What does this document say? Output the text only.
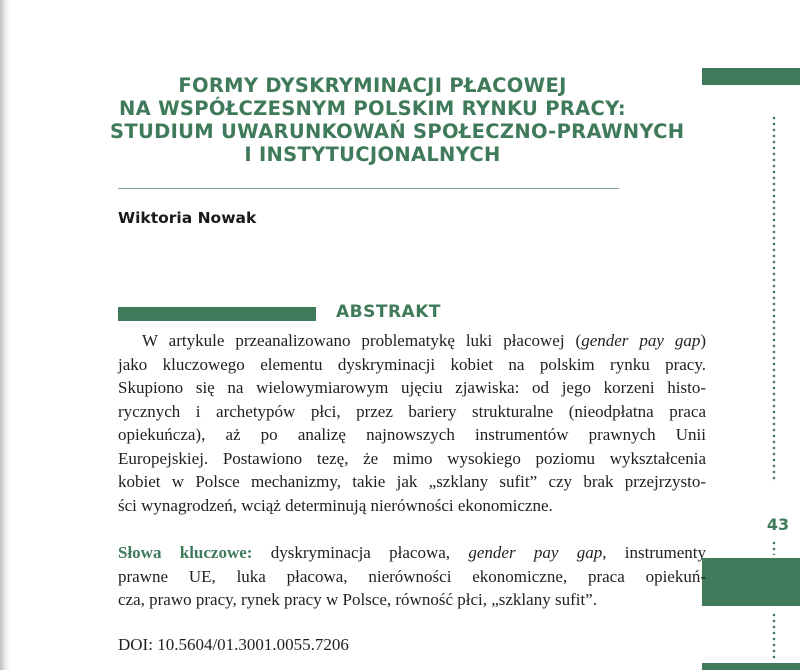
FORMY DYSKRYMINACJI PŁACOWEJ
NA WSPÓŁCZESNYM POLSKIM RYNKU PRACY:
STUDIUM UWARUNKOWAŃ SPOŁECZNO-PRAWNYCH
I INSTYTUCJONALNYCH
Wiktoria Nowak
43
ABSTRAKT
W artykule przeanalizowano problematykę luki płacowej (gender pay gap)
jako kluczowego elementu dyskryminacji kobiet na polskim rynku pracy.
Skupiono się na wielowymiarowym ujęciu zjawiska: od jego korzeni histo-
rycznych i archetypów płci, przez bariery strukturalne (nieodpłatna praca
opiekuńcza), aż po analizę najnowszych instrumentów prawnych Unii
Europejskiej. Postawiono tezę, że mimo wysokiego poziomu wykształcenia
kobiet w Polsce mechanizmy, takie jak „szklany sufit” czy brak przejrzysto-
ści wynagrodzeń, wciąż determinują nierówności ekonomiczne.
Słowa kluczowe: dyskryminacja płacowa, gender pay gap, instrumenty
prawne UE, luka płacowa, nierówności ekonomiczne, praca opiekuń-
cza, prawo pracy, rynek pracy w Polsce, równość płci, „szklany sufit”.
DOI: 10.5604/01.3001.0055.7206
